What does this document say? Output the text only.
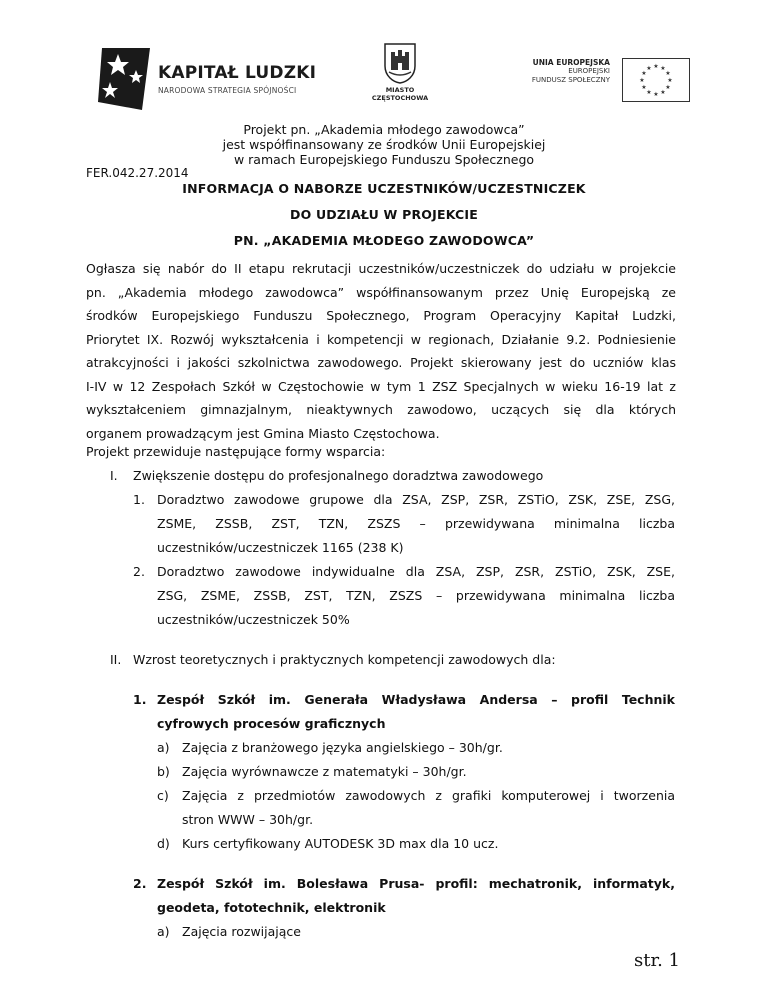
KAPITAŁ LUDZKI
NARODOWA STRATEGIA SPÓJNOŚCI	MIASTO
CZĘSTOCHOWA
UNIA EUROPEJSKA
EUROPEJSKI
FUNDUSZ SPOŁECZNY
★ ★
★
★
★
★
★
★
★
★
★
★
Projekt pn. „Akademia młodego zawodowca”
jest współfinansowany ze środków Unii Europejskiej
w ramach Europejskiego Funduszu Społecznego
FER.042.27.2014
INFORMACJA O NABORZE UCZESTNIKÓW/UCZESTNICZEK
DO UDZIAŁU W PROJEKCIE
PN. „AKADEMIA MŁODEGO ZAWODOWCA”
Ogłasza się nabór do II etapu rekrutacji uczestników/uczestniczek do udziału w projekcie
pn. „Akademia młodego zawodowca” współfinansowanym przez Unię Europejską ze
środków Europejskiego Funduszu Społecznego, Program Operacyjny Kapitał Ludzki,
Priorytet IX. Rozwój wykształcenia i kompetencji w regionach, Działanie 9.2. Podniesienie
atrakcyjności i jakości szkolnictwa zawodowego. Projekt skierowany jest do uczniów klas
I-IV w 12 Zespołach Szkół w Częstochowie w tym 1 ZSZ Specjalnych w wieku 16-19 lat z
wykształceniem gimnazjalnym, nieaktywnych zawodowo, uczących się dla których
organem prowadzącym jest Gmina Miasto Częstochowa.
Projekt przewiduje następujące formy wsparcia:
I. Zwiększenie dostępu do profesjonalnego doradztwa zawodowego
1. Doradztwo zawodowe grupowe dla ZSA, ZSP, ZSR, ZSTiO, ZSK, ZSE, ZSG,
ZSME, ZSSB, ZST, TZN, ZSZS – przewidywana minimalna liczba
uczestników/uczestniczek 1165 (238 K)
2. Doradztwo zawodowe indywidualne dla ZSA, ZSP, ZSR, ZSTiO, ZSK, ZSE,
ZSG, ZSME, ZSSB, ZST, TZN, ZSZS – przewidywana minimalna liczba
uczestników/uczestniczek 50%
II. Wzrost teoretycznych i praktycznych kompetencji zawodowych dla:
1. Zespół Szkół im. Generała Władysława Andersa – profil Technik
cyfrowych procesów graficznych
a) Zajęcia z branżowego języka angielskiego – 30h/gr.
b) Zajęcia wyrównawcze z matematyki – 30h/gr.
c) Zajęcia z przedmiotów zawodowych z grafiki komputerowej i tworzenia
stron WWW – 30h/gr.
d) Kurs certyfikowany AUTODESK 3D max dla 10 ucz.
2. Zespół Szkół im. Bolesława Prusa- profil: mechatronik, informatyk,
geodeta, fototechnik, elektronik
a) Zajęcia rozwijające
str. 1
